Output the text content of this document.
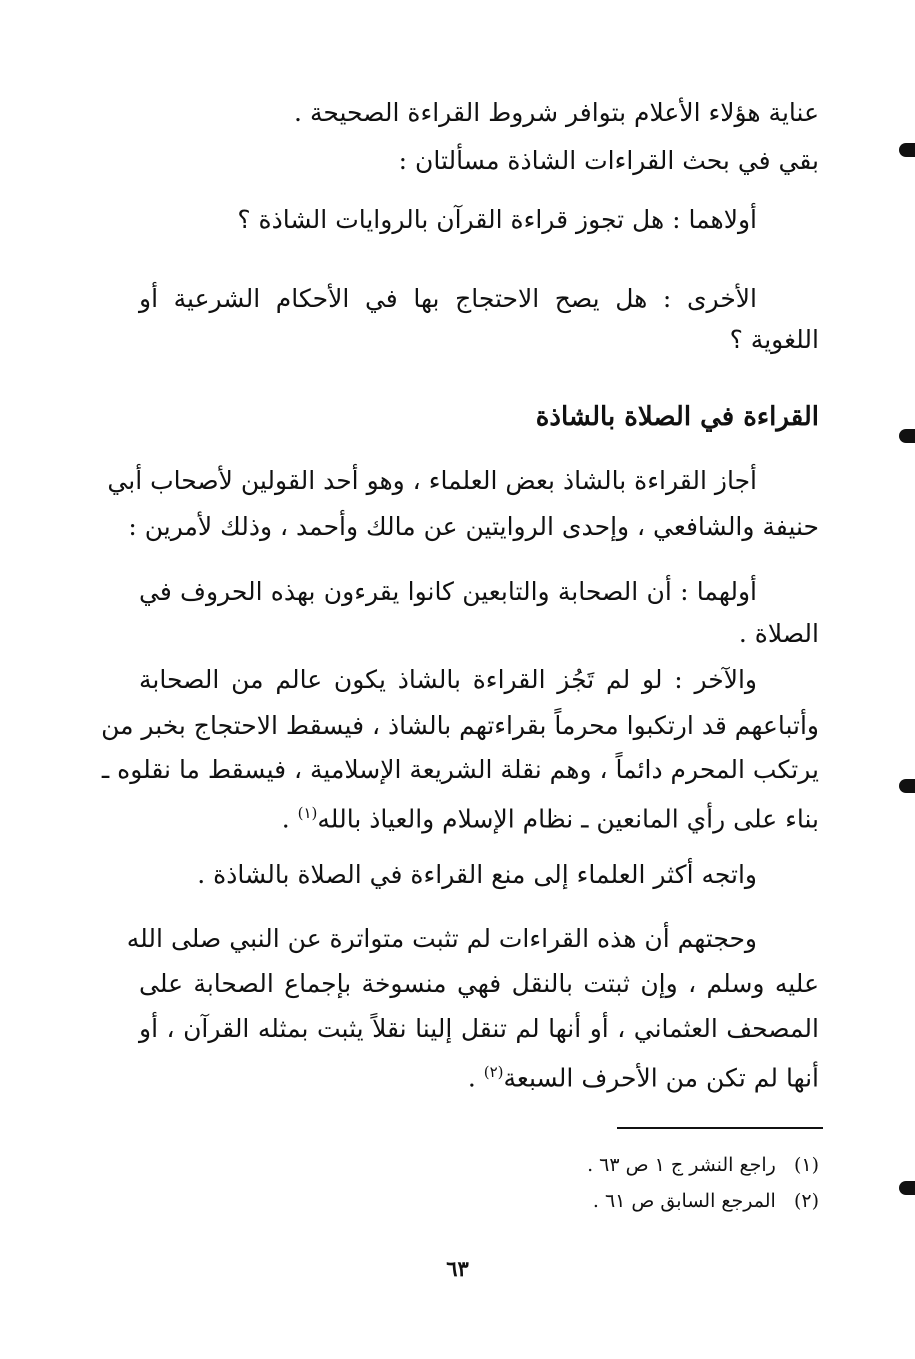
عناية هؤلاء الأعلام بتوافر شروط القراءة الصحيحة .
بقي في بحث القراءات الشاذة مسألتان :
أولاهما : هل تجوز قراءة القرآن بالروايات الشاذة ؟
الأخرى : هل يصح الاحتجاج بها في الأحكام الشرعية أو
اللغوية ؟
القراءة في الصلاة بالشاذة
أجاز القراءة بالشاذ بعض العلماء ، وهو أحد القولين لأصحاب أبي
حنيفة والشافعي ، وإحدى الروايتين عن مالك وأحمد ، وذلك لأمرين :
أولهما : أن الصحابة والتابعين كانوا يقرءون بهذه الحروف في
الصلاة .
والآخر : لو لم تَجُز القراءة بالشاذ يكون عالم من الصحابة
وأتباعهم قد ارتكبوا محرماً بقراءتهم بالشاذ ، فيسقط الاحتجاج بخبر من
يرتكب المحرم دائماً ، وهم نقلة الشريعة الإسلامية ، فيسقط ما نقلوه ـ
بناء على رأي المانعين ـ نظام الإسلام والعياذ بالله$^{(١)}$ .
واتجه أكثر العلماء إلى منع القراءة في الصلاة بالشاذة .
وحجتهم أن هذه القراءات لم تثبت متواترة عن النبي صلى الله
عليه وسلم ، وإن ثبتت بالنقل فهي منسوخة بإجماع الصحابة على
المصحف العثماني ، أو أنها لم تنقل إلينا نقلاً يثبت بمثله القرآن ، أو
أنها لم تكن من الأحرف السبعة$^{(٢)}$ .
(١)   راجع النشر ج ١ ص ٦٣ .
(٢)   المرجع السابق ص ٦١ .
٦٣
